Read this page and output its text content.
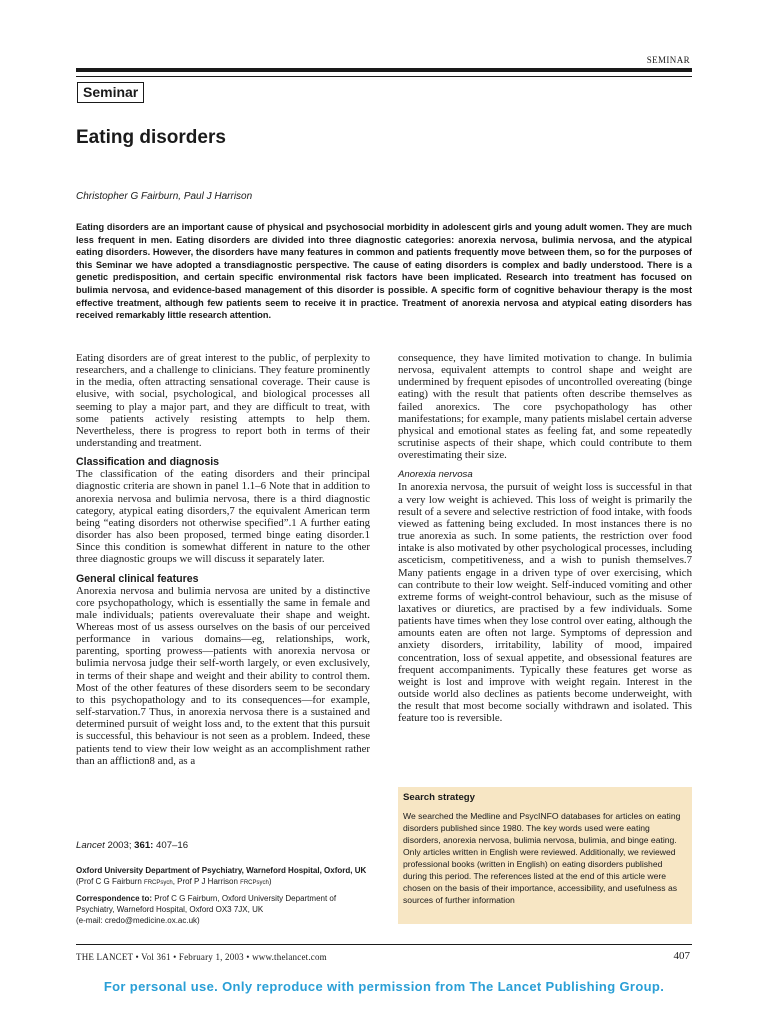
SEMINAR
Seminar
Eating disorders
Christopher G Fairburn, Paul J Harrison

Eating disorders are an important cause of physical and psychosocial morbidity in adolescent girls and young adult women. They are much less frequent in men. Eating disorders are divided into three diagnostic categories: anorexia nervosa, bulimia nervosa, and the atypical eating disorders. However, the disorders have many features in common and patients frequently move between them, so for the purposes of this Seminar we have adopted a transdiagnostic perspective. The cause of eating disorders is complex and badly understood. There is a genetic predisposition, and certain specific environmental risk factors have been implicated. Research into treatment has focused on bulimia nervosa, and evidence-based management of this disorder is possible. A specific form of cognitive behaviour therapy is the most effective treatment, although few patients seem to receive it in practice. Treatment of anorexia nervosa and atypical eating disorders has received remarkably little research attention.

Eating disorders are of great interest to the public, of perplexity to researchers, and a challenge to clinicians. They feature prominently in the media, often attracting sensational coverage. Their cause is elusive, with social, psychological, and biological processes all seeming to play a major part, and they are difficult to treat, with some patients actively resisting attempts to help them. Nevertheless, there is progress to report both in terms of their understanding and treatment.

Classification and diagnosis

The classification of the eating disorders and their principal diagnostic criteria are shown in panel 1.1–6 Note that in addition to anorexia nervosa and bulimia nervosa, there is a third diagnostic category, atypical eating disorders,7 the equivalent American term being “eating disorders not otherwise specified”.1 A further eating disorder has also been proposed, termed binge eating disorder.1 Since this condition is somewhat different in nature to the other three diagnostic groups we will discuss it separately later.

General clinical features

Anorexia nervosa and bulimia nervosa are united by a distinctive core psychopathology, which is essentially the same in female and male individuals; patients overevaluate their shape and weight. Whereas most of us assess ourselves on the basis of our perceived performance in various domains—eg, relationships, work, parenting, sporting prowess—patients with anorexia nervosa or bulimia nervosa judge their self-worth largely, or even exclusively, in terms of their shape and weight and their ability to control them. Most of the other features of these disorders seem to be secondary to this psychopathology and to its consequences—for example, self-starvation.7 Thus, in anorexia nervosa there is a sustained and determined pursuit of weight loss and, to the extent that this pursuit is successful, this behaviour is not seen as a problem. Indeed, these patients tend to view their low weight as an accomplishment rather than an affliction8 and, as a

Lancet 2003; 361: 407–16
Oxford University Department of Psychiatry, Warneford Hospital, Oxford, UK (Prof C G Fairburn FRCPsych, Prof P J Harrison FRCPsych)
Correspondence to: Prof C G Fairburn, Oxford University Department of Psychiatry, Warneford Hospital, Oxford OX3 7JX, UK
(e-mail: credo@medicine.ox.ac.uk)

consequence, they have limited motivation to change. In bulimia nervosa, equivalent attempts to control shape and weight are undermined by frequent episodes of uncontrolled overeating (binge eating) with the result that patients often describe themselves as failed anorexics. The core psychopathology has other manifestations; for example, many patients mislabel certain adverse physical and emotional states as feeling fat, and some repeatedly scrutinise aspects of their shape, which could contribute to them overestimating their size.

Anorexia nervosa

In anorexia nervosa, the pursuit of weight loss is successful in that a very low weight is achieved. This loss of weight is primarily the result of a severe and selective restriction of food intake, with foods viewed as fattening being excluded. In most instances there is no true anorexia as such. In some patients, the restriction over food intake is also motivated by other psychological processes, including asceticism, competitiveness, and a wish to punish themselves.7 Many patients engage in a driven type of over exercising, which can contribute to their low weight. Self-induced vomiting and other extreme forms of weight-control behaviour, such as the misuse of laxatives or diuretics, are practised by a few individuals. Some patients have times when they lose control over eating, although the amounts eaten are often not large. Symptoms of depression and anxiety disorders, irritability, lability of mood, impaired concentration, loss of sexual appetite, and obsessional features are frequent accompaniments. Typically these features get worse as weight is lost and improve with weight regain. Interest in the outside world also declines as patients become underweight, with the result that most become socially withdrawn and isolated. This feature too is reversible.

Search strategy

We searched the Medline and PsycINFO databases for articles on eating disorders published since 1980. The key words used were eating disorders, anorexia nervosa, bulimia nervosa, bulimia, and binge eating. Only articles written in English were reviewed. Additionally, we reviewed professional books (written in English) on eating disorders published during this period. The references listed at the end of this article were chosen on the basis of their importance, accessibility, and usefulness as sources of further information

THE LANCET • Vol 361 • February 1, 2003 • www.thelancet.com	407
For personal use. Only reproduce with permission from The Lancet Publishing Group.
